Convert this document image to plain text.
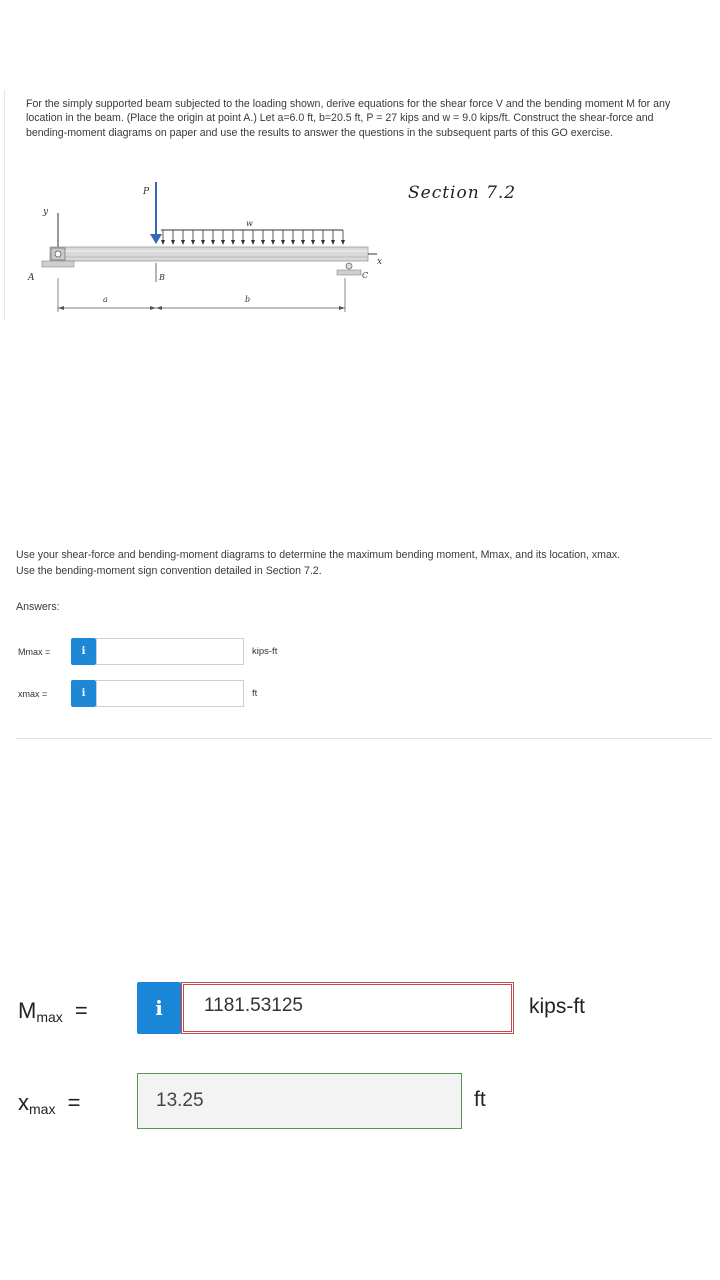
For the simply supported beam subjected to the loading shown, derive equations for the shear force V and the bending moment M for any location in the beam. (Place the origin at point A.) Let a=6.0 ft, b=20.5 ft, P = 27 kips and w = 9.0 kips/ft. Construct the shear-force and bending-moment diagrams on paper and use the results to answer the questions in the subsequent parts of this GO exercise.
Section 7.2
y
x
P
w
A	B	C
a	b
Use your shear-force and bending-moment diagrams to determine the maximum bending moment, Mmax, and its location, xmax.
Use the bending-moment sign convention detailed in Section 7.2.
Answers:
Mmax =	i	kips-ft
xmax =	i	ft
$M_{max}$ =	i	1181.53125	kips-ft
$x_{max}$ =	13.25	ft
